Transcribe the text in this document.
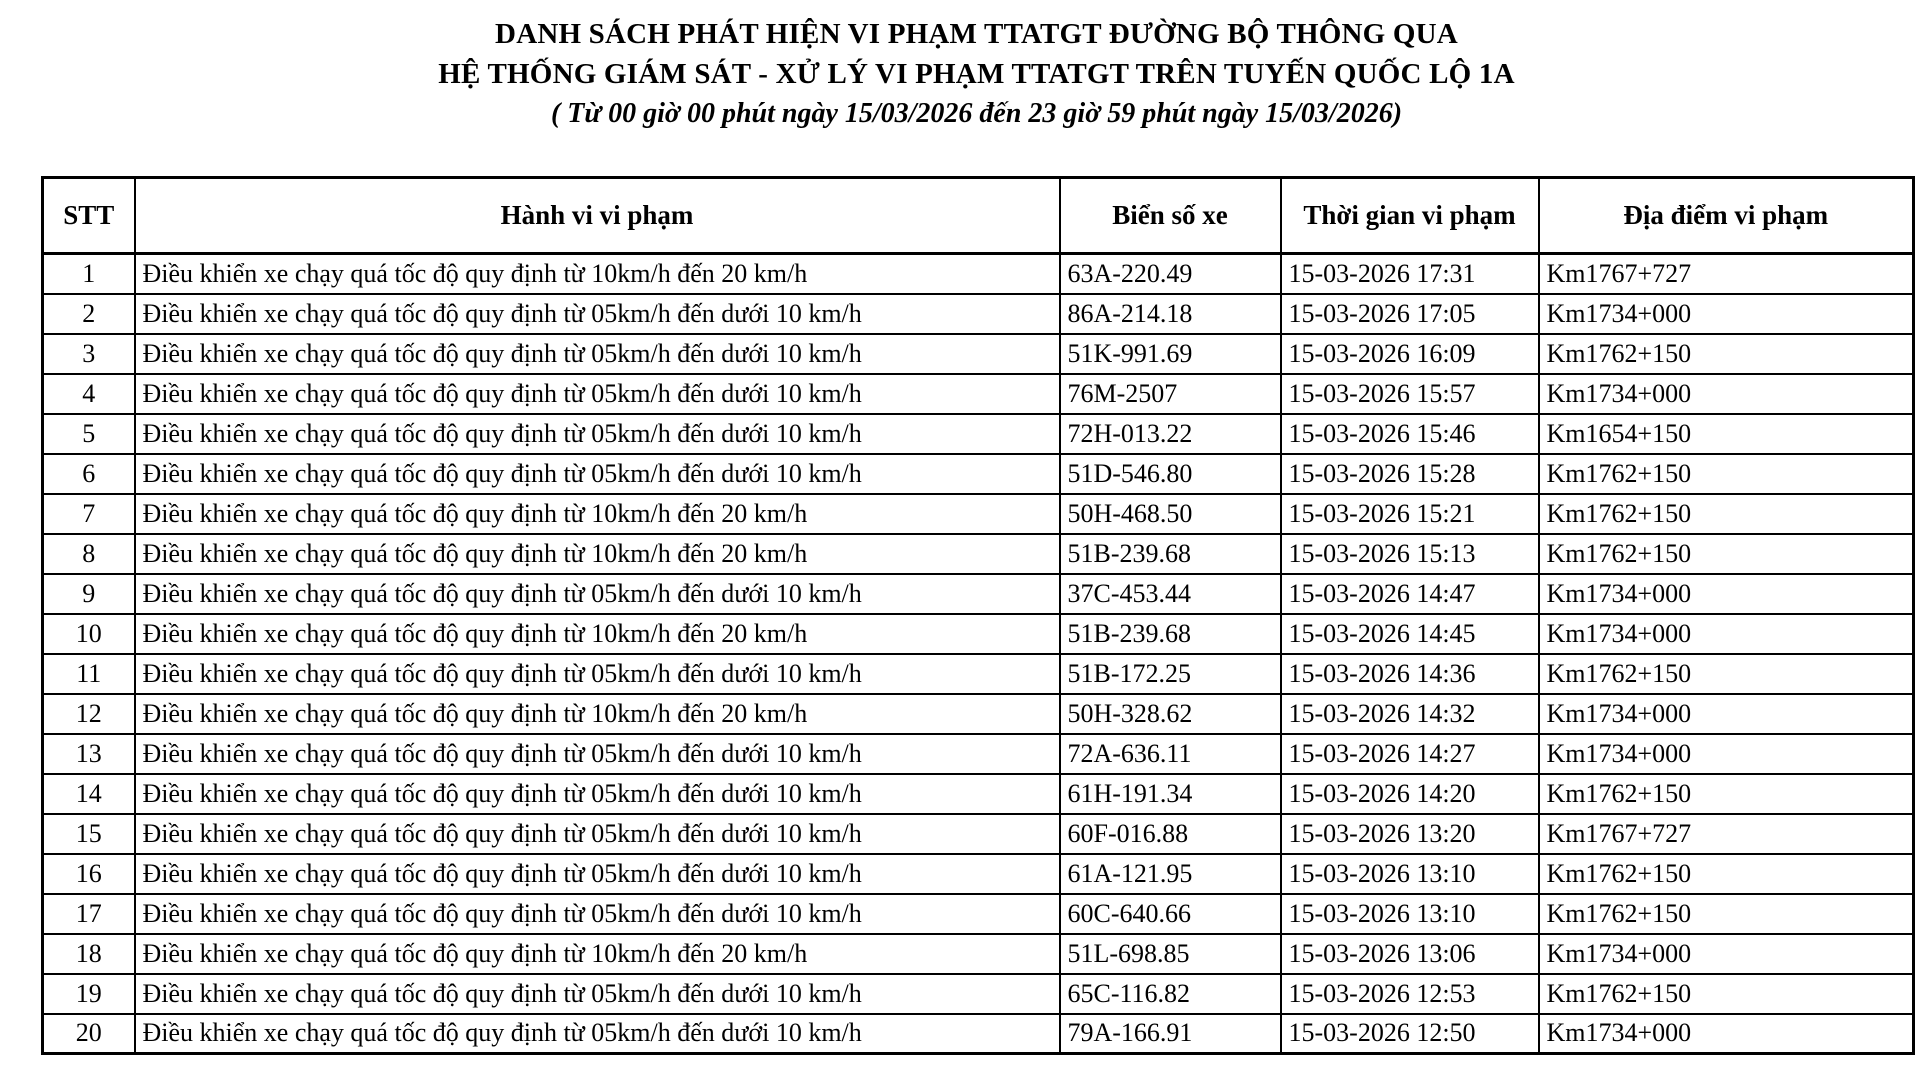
DANH SÁCH PHÁT HIỆN VI PHẠM TTATGT ĐƯỜNG BỘ THÔNG QUA
HỆ THỐNG GIÁM SÁT - XỬ LÝ VI PHẠM TTATGT TRÊN TUYẾN QUỐC LỘ 1A
( Từ 00 giờ 00 phút ngày 15/03/2026 đến 23 giờ 59 phút ngày 15/03/2026)
STT	Hành vi vi phạm	Biển số xe	Thời gian vi phạm	Địa điểm vi phạm
1	Điều khiển xe chạy quá tốc độ quy định từ 10km/h đến 20 km/h	63A-220.49	15-03-2026 17:31	Km1767+727
2	Điều khiển xe chạy quá tốc độ quy định từ 05km/h đến dưới 10 km/h	86A-214.18	15-03-2026 17:05	Km1734+000
3	Điều khiển xe chạy quá tốc độ quy định từ 05km/h đến dưới 10 km/h	51K-991.69	15-03-2026 16:09	Km1762+150
4	Điều khiển xe chạy quá tốc độ quy định từ 05km/h đến dưới 10 km/h	76M-2507	15-03-2026 15:57	Km1734+000
5	Điều khiển xe chạy quá tốc độ quy định từ 05km/h đến dưới 10 km/h	72H-013.22	15-03-2026 15:46	Km1654+150
6	Điều khiển xe chạy quá tốc độ quy định từ 05km/h đến dưới 10 km/h	51D-546.80	15-03-2026 15:28	Km1762+150
7	Điều khiển xe chạy quá tốc độ quy định từ 10km/h đến 20 km/h	50H-468.50	15-03-2026 15:21	Km1762+150
8	Điều khiển xe chạy quá tốc độ quy định từ 10km/h đến 20 km/h	51B-239.68	15-03-2026 15:13	Km1762+150
9	Điều khiển xe chạy quá tốc độ quy định từ 05km/h đến dưới 10 km/h	37C-453.44	15-03-2026 14:47	Km1734+000
10	Điều khiển xe chạy quá tốc độ quy định từ 10km/h đến 20 km/h	51B-239.68	15-03-2026 14:45	Km1734+000
11	Điều khiển xe chạy quá tốc độ quy định từ 05km/h đến dưới 10 km/h	51B-172.25	15-03-2026 14:36	Km1762+150
12	Điều khiển xe chạy quá tốc độ quy định từ 10km/h đến 20 km/h	50H-328.62	15-03-2026 14:32	Km1734+000
13	Điều khiển xe chạy quá tốc độ quy định từ 05km/h đến dưới 10 km/h	72A-636.11	15-03-2026 14:27	Km1734+000
14	Điều khiển xe chạy quá tốc độ quy định từ 05km/h đến dưới 10 km/h	61H-191.34	15-03-2026 14:20	Km1762+150
15	Điều khiển xe chạy quá tốc độ quy định từ 05km/h đến dưới 10 km/h	60F-016.88	15-03-2026 13:20	Km1767+727
16	Điều khiển xe chạy quá tốc độ quy định từ 05km/h đến dưới 10 km/h	61A-121.95	15-03-2026 13:10	Km1762+150
17	Điều khiển xe chạy quá tốc độ quy định từ 05km/h đến dưới 10 km/h	60C-640.66	15-03-2026 13:10	Km1762+150
18	Điều khiển xe chạy quá tốc độ quy định từ 10km/h đến 20 km/h	51L-698.85	15-03-2026 13:06	Km1734+000
19	Điều khiển xe chạy quá tốc độ quy định từ 05km/h đến dưới 10 km/h	65C-116.82	15-03-2026 12:53	Km1762+150
20	Điều khiển xe chạy quá tốc độ quy định từ 05km/h đến dưới 10 km/h	79A-166.91	15-03-2026 12:50	Km1734+000
